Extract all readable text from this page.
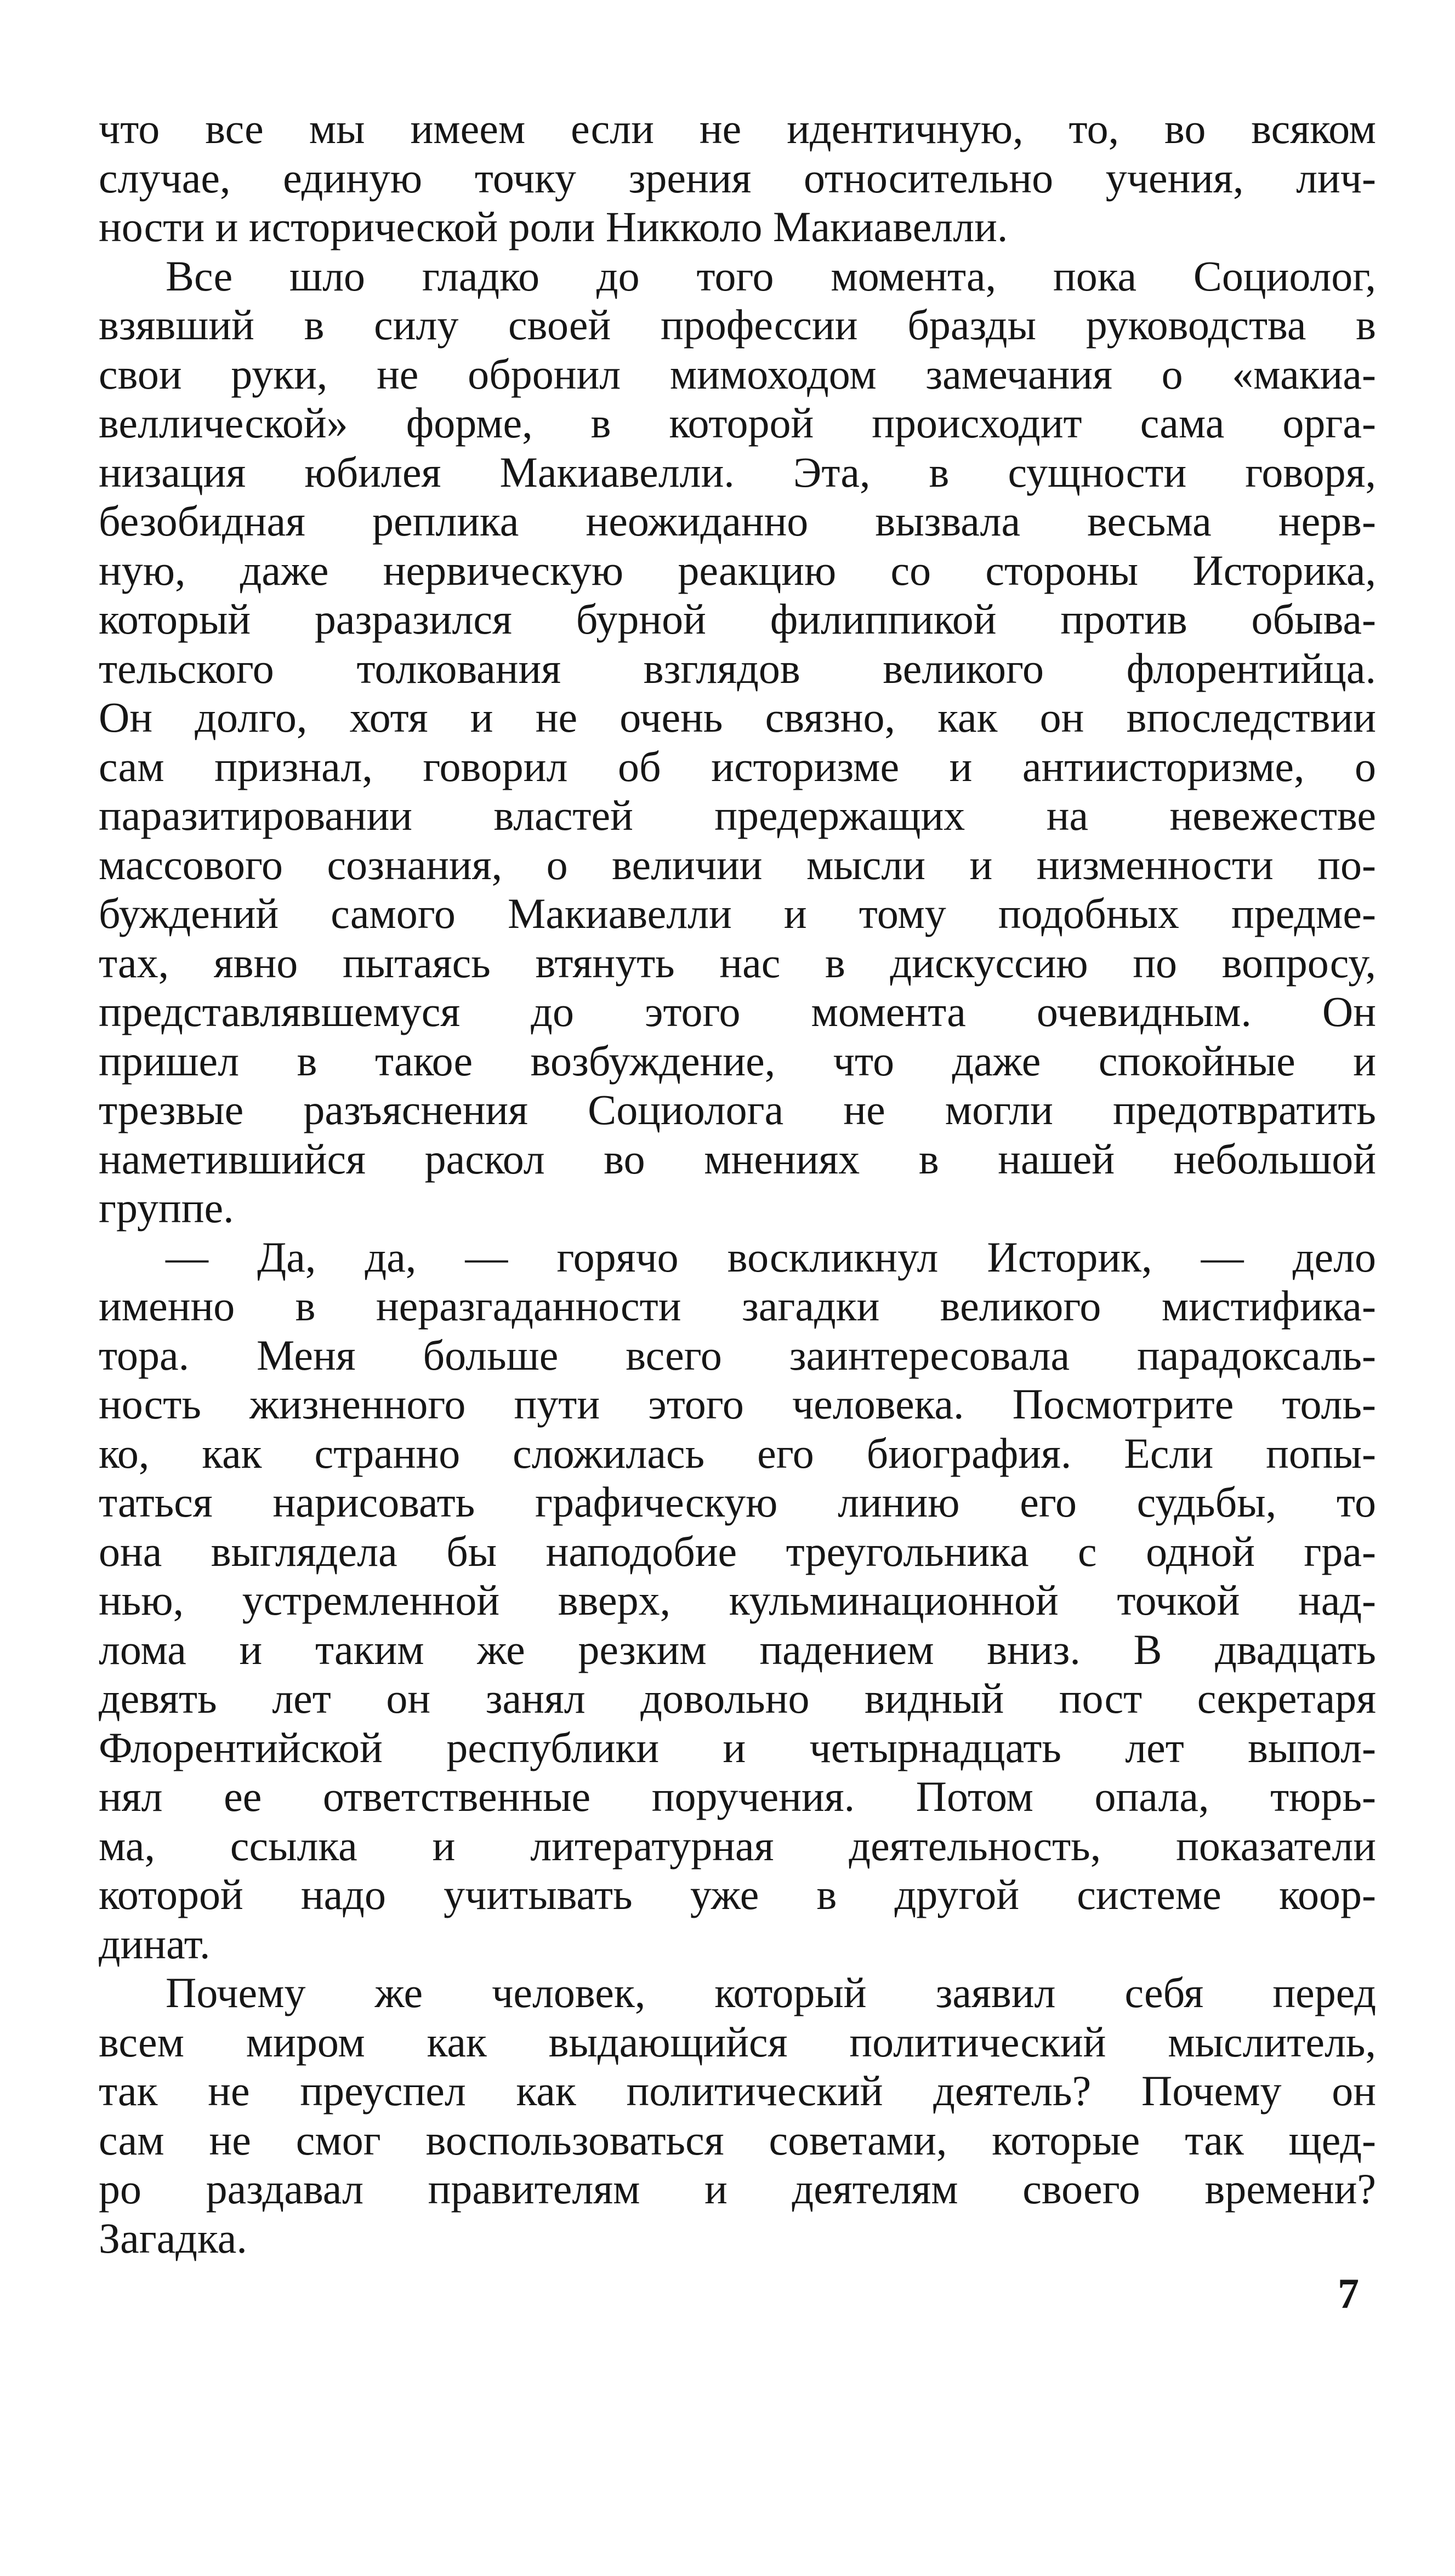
что все мы имеем если не идентичную, то, во всяком
случае, единую точку зрения относительно учения, лич-
ности и исторической роли Никколо Макиавелли.

Все шло гладко до того момента, пока Социолог,
взявший в силу своей профессии бразды руководства в
свои руки, не обронил мимоходом замечания о «макиа-
веллической» форме, в которой происходит сама орга-
низация юбилея Макиавелли. Эта, в сущности говоря,
безобидная реплика неожиданно вызвала весьма нерв-
ную, даже нервическую реакцию со стороны Историка,
который разразился бурной филиппикой против обыва-
тельского толкования взглядов великого флорентийца.
Он долго, хотя и не очень связно, как он впоследствии
сам признал, говорил об историзме и антиисторизме, о
паразитировании властей предержащих на невежестве
массового сознания, о величии мысли и низменности по-
буждений самого Макиавелли и тому подобных предме-
тах, явно пытаясь втянуть нас в дискуссию по вопросу,
представлявшемуся до этого момента очевидным. Он
пришел в такое возбуждение, что даже спокойные и
трезвые разъяснения Социолога не могли предотвратить
наметившийся раскол во мнениях в нашей небольшой
группе.

— Да, да, — горячо воскликнул Историк, — дело
именно в неразгаданности загадки великого мистифика-
тора. Меня больше всего заинтересовала парадоксаль-
ность жизненного пути этого человека. Посмотрите толь-
ко, как странно сложилась его биография. Если попы-
таться нарисовать графическую линию его судьбы, то
она выглядела бы наподобие треугольника с одной гра-
нью, устремленной вверх, кульминационной точкой над-
лома и таким же резким падением вниз. В двадцать
девять лет он занял довольно видный пост секретаря
Флорентийской республики и четырнадцать лет выпол-
нял ее ответственные поручения. Потом опала, тюрь-
ма, ссылка и литературная деятельность, показатели
которой надо учитывать уже в другой системе коор-
динат.

Почему же человек, который заявил себя перед
всем миром как выдающийся политический мыслитель,
так не преуспел как политический деятель? Почему он
сам не смог воспользоваться советами, которые так щед-
ро раздавал правителям и деятелям своего времени?
Загадка.

7
